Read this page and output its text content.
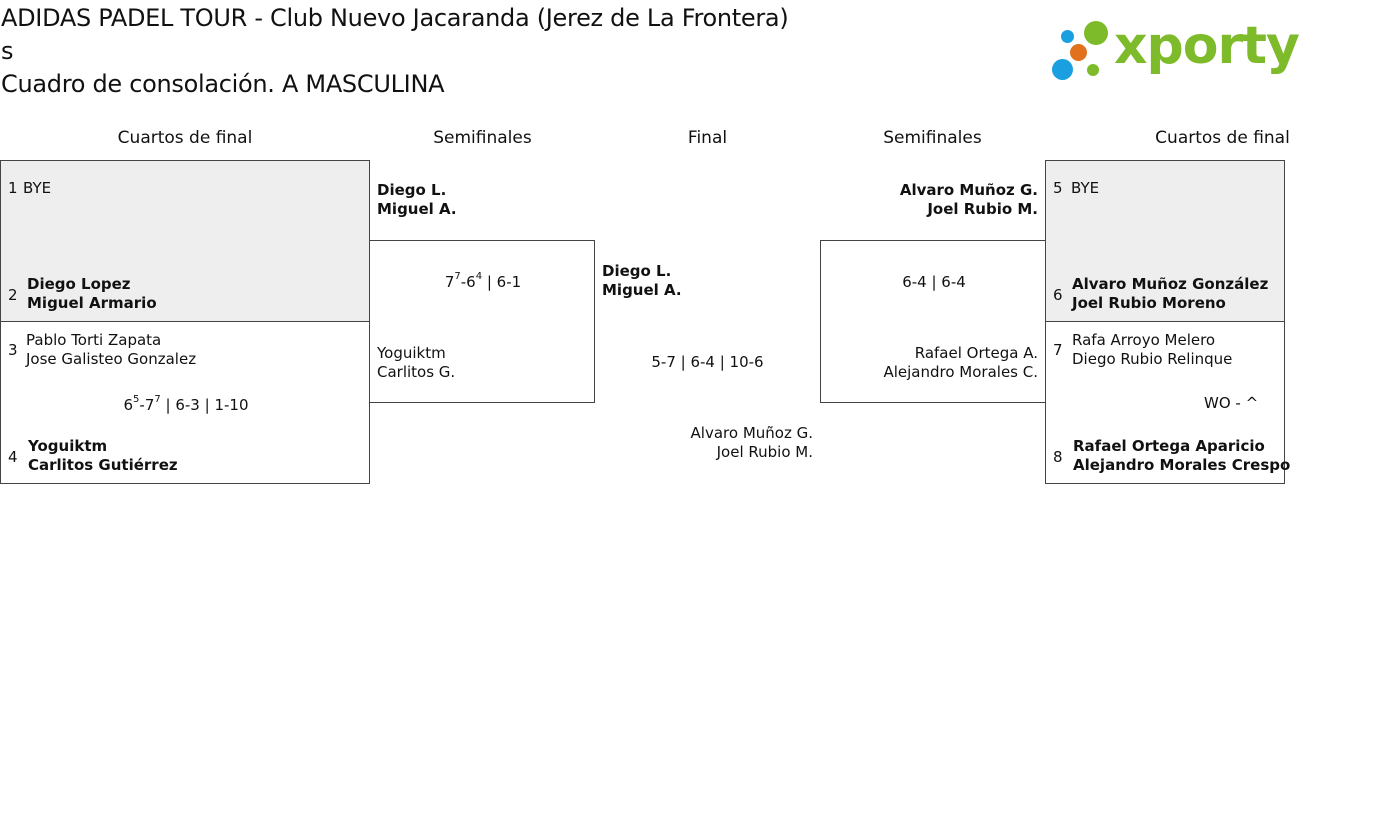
ADIDAS PADEL TOUR - Club Nuevo Jacaranda (Jerez de La Frontera)
s
Cuadro de consolación. A MASCULINA
xporty
Cuartos de final	Semifinales	Final	Semifinales	Cuartos de final
1 BYE
2
Diego Lopez
Miguel Armario
3
Pablo Torti Zapata
Jose Galisteo Gonzalez
$6^5-7^7$ | 6-3 | 1-10
4
Yoguiktm
Carlitos Gutiérrez
Diego L.
Miguel A.
$7^7-6^4$ | 6-1
Yoguiktm
Carlitos G.
Diego L.
Miguel A.
5-7 | 6-4 | 10-6
Alvaro Muñoz G.
Joel Rubio M.
Alvaro Muñoz G.
Joel Rubio M.
6-4 | 6-4
Rafael Ortega A.
Alejandro Morales C.
5 BYE
6
Alvaro Muñoz González
Joel Rubio Moreno
7
Rafa Arroyo Melero
Diego Rubio Relinque
WO - ^
8
Rafael Ortega Aparicio
Alejandro Morales Crespo
